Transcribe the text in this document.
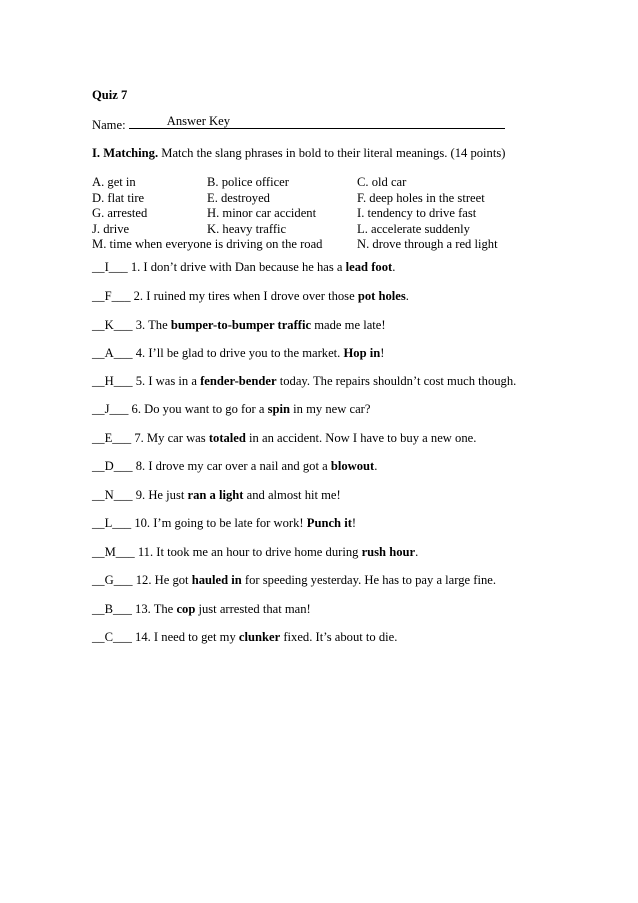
Quiz 7
Name:	Answer Key
I. Matching. Match the slang phrases in bold to their literal meanings. (14 points)
A. get in	B. police officer	C. old car
D. flat tire	E. destroyed	F. deep holes in the street
G. arrested	H. minor car accident	I. tendency to drive fast
J. drive	K. heavy traffic	L. accelerate suddenly
M. time when everyone is driving on the road	N. drove through a red light
__I___ 1. I don’t drive with Dan because he has a lead foot.
__F___ 2. I ruined my tires when I drove over those pot holes.
__K___ 3. The bumper-to-bumper traffic made me late!
__A___ 4. I’ll be glad to drive you to the market. Hop in!
__H___ 5. I was in a fender-bender today. The repairs shouldn’t cost much though.
__J___ 6. Do you want to go for a spin in my new car?
__E___ 7. My car was totaled in an accident. Now I have to buy a new one.
__D___ 8. I drove my car over a nail and got a blowout.
__N___ 9. He just ran a light and almost hit me!
__L___ 10. I’m going to be late for work! Punch it!
__M___ 11. It took me an hour to drive home during rush hour.
__G___ 12. He got hauled in for speeding yesterday. He has to pay a large fine.
__B___ 13. The cop just arrested that man!
__C___ 14. I need to get my clunker fixed. It’s about to die.
